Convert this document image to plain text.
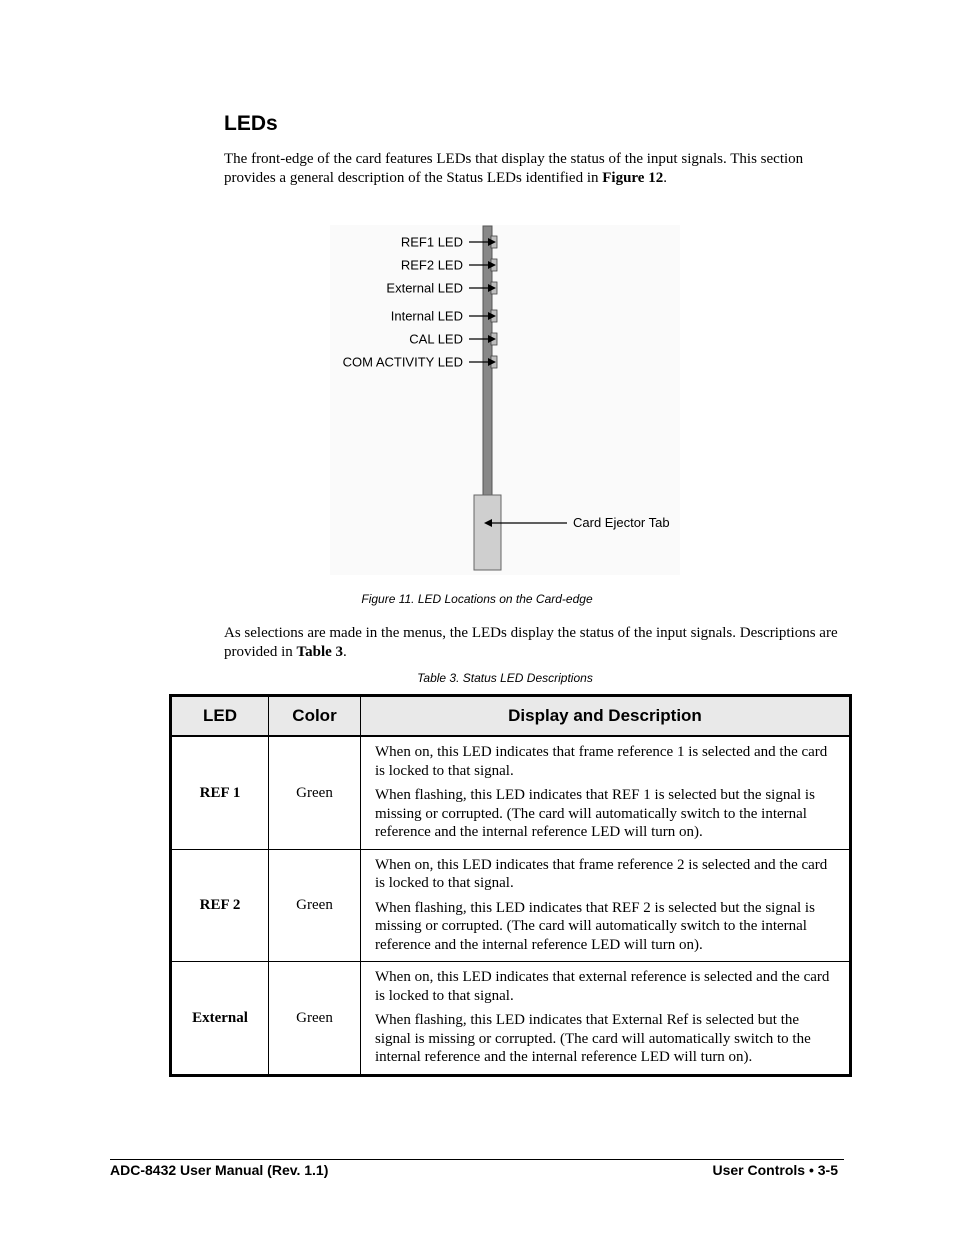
LEDs

The front-edge of the card features LEDs that display the status of the input signals. This section provides a general description of the Status LEDs identified in Figure 12.

REF1 LED
REF2 LED
External LED
Internal LED
CAL LED
COM ACTIVITY LED
Card Ejector Tab

Figure 11. LED Locations on the Card-edge

As selections are made in the menus, the LEDs display the status of the input signals. Descriptions are provided in Table 3.

Table 3. Status LED Descriptions

LED	Color	Display and Description
REF 1	Green	When on, this LED indicates that frame reference 1 is selected and the card is locked to that signal.

When flashing, this LED indicates that REF 1 is selected but the signal is missing or corrupted. (The card will automatically switch to the internal reference and the internal reference LED will turn on).

REF 2	Green	When on, this LED indicates that frame reference 2 is selected and the card is locked to that signal.

When flashing, this LED indicates that REF 2 is selected but the signal is missing or corrupted. (The card will automatically switch to the internal reference and the internal reference LED will turn on).

External	Green	When on, this LED indicates that external reference is selected and the card is locked to that signal.

When flashing, this LED indicates that External Ref is selected but the signal is missing or corrupted. (The card will automatically switch to the internal reference and the internal reference LED will turn on).

ADC-8432 User Manual (Rev. 1.1)	User Controls • 3-5
